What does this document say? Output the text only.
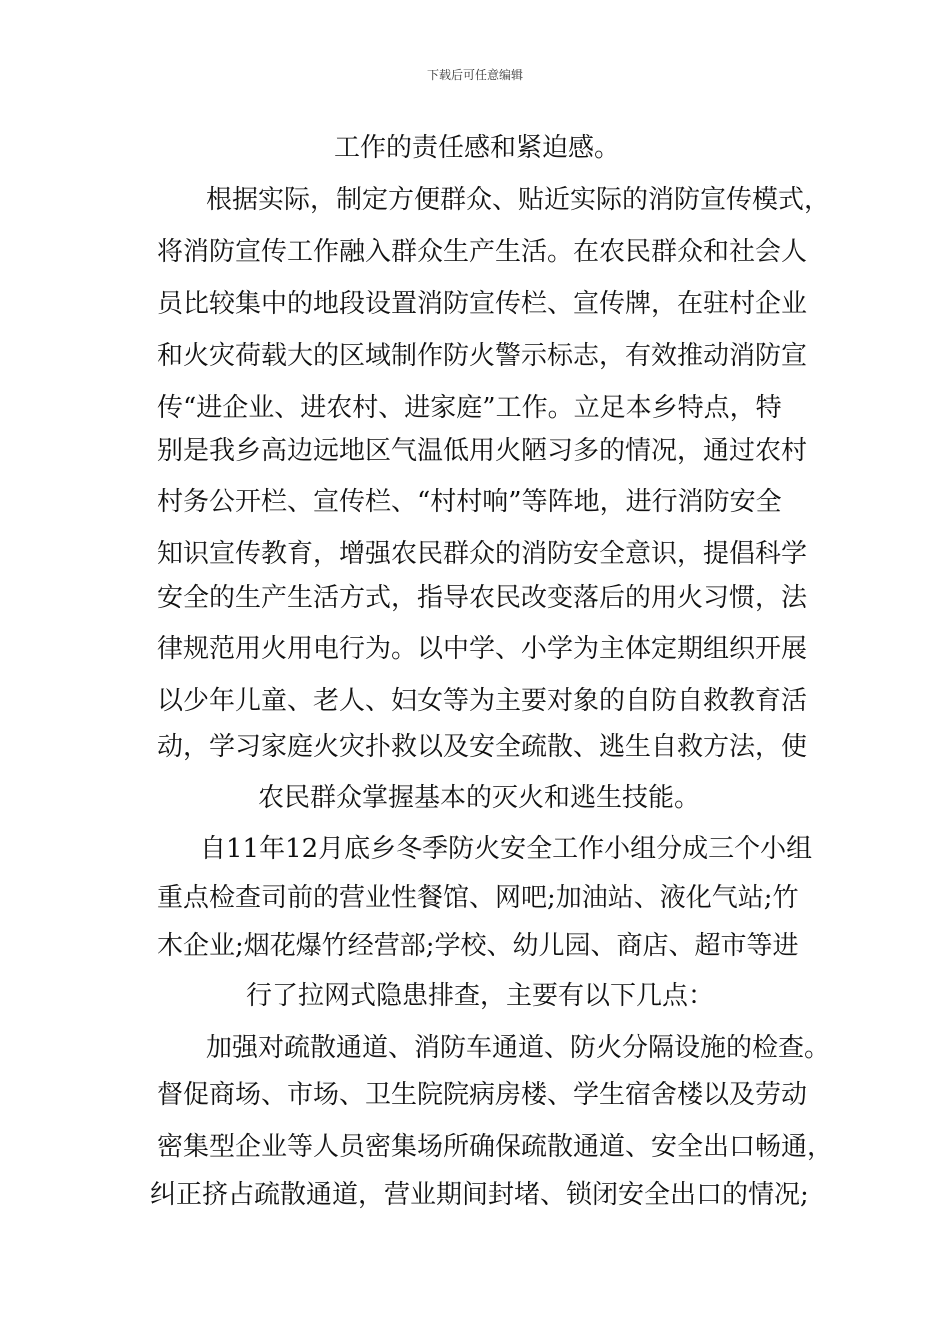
下载后可任意编辑
工作的责任感和紧迫感。
根据实际，制定方便群众、贴近实际的消防宣传模式，
将消防宣传工作融入群众生产生活。在农民群众和社会人
员比较集中的地段设置消防宣传栏、宣传牌，在驻村企业
和火灾荷载大的区域制作防火警示标志，有效推动消防宣
传“进企业、进农村、进家庭”工作。立足本乡特点，特
别是我乡高边远地区气温低用火陋习多的情况，通过农村
村务公开栏、宣传栏、“村村响”等阵地，进行消防安全
知识宣传教育，增强农民群众的消防安全意识，提倡科学
安全的生产生活方式，指导农民改变落后的用火习惯，法
律规范用火用电行为。以中学、小学为主体定期组织开展
以少年儿童、老人、妇女等为主要对象的自防自救教育活
动，学习家庭火灾扑救以及安全疏散、逃生自救方法，使
农民群众掌握基本的灭火和逃生技能。
自11年12月底乡冬季防火安全工作小组分成三个小组
重点检查司前的营业性餐馆、网吧;加油站、液化气站;竹
木企业;烟花爆竹经营部;学校、幼儿园、商店、超市等进
行了拉网式隐患排查，主要有以下几点：
加强对疏散通道、消防车通道、防火分隔设施的检查。
督促商场、市场、卫生院院病房楼、学生宿舍楼以及劳动
密集型企业等人员密集场所确保疏散通道、安全出口畅通，
纠正挤占疏散通道，营业期间封堵、锁闭安全出口的情况;
